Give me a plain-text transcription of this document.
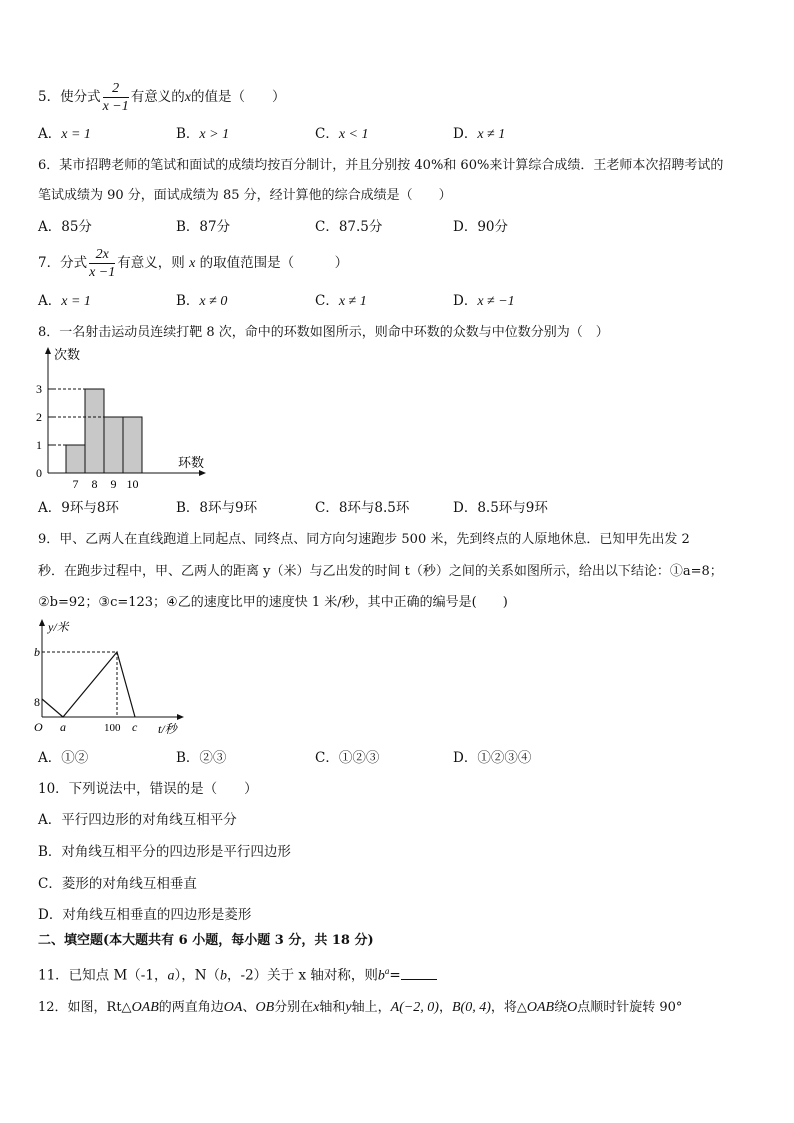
5．使分式 $\frac{2}{x -1}$ 有意义的x的值是（　　）
A．x = 1	B．x > 1	C．x < 1	D．x ≠ 1
6．某市招聘老师的笔试和面试的成绩均按百分制计，并且分别按 40%和 60%来计算综合成绩．王老师本次招聘考试的
笔试成绩为 90 分，面试成绩为 85 分，经计算他的综合成绩是（　　）
A．85分	B．87分	C．87.5分	D．90分
7．分式 $\frac{2x}{x -1}$ 有意义，则 x 的取值范围是（　　　）
A．x = 1	B．x ≠ 0	C．x ≠ 1	D．x ≠ −1
8．一名射击运动员连续打靶 8 次，命中的环数如图所示，则命中环数的众数与中位数分别为（　）
次数
环数
0
1
2
3
7 8 9 10
A．9环与8环	B．8环与9环	C．8环与8.5环	D．8.5环与9环
9．甲、乙两人在直线跑道上同起点、同终点、同方向匀速跑步 500 米，先到终点的人原地休息．已知甲先出发 2
秒．在跑步过程中，甲、乙两人的距离 y（米）与乙出发的时间 t（秒）之间的关系如图所示，给出以下结论：①a=8；
②b=92；③c=123；④乙的速度比甲的速度快 1 米/秒，其中正确的编号是(　　)
y/米
t/秒
O
b
8
a	100 c
A．①②	B．②③	C．①②③	D．①②③④
10．下列说法中，错误的是（　　）
A．平行四边形的对角线互相平分
B．对角线互相平分的四边形是平行四边形
C．菱形的对角线互相垂直
D．对角线互相垂直的四边形是菱形
二、填空题(本大题共有 6 小题，每小题 3 分，共 18 分)
11．已知点 M（-1，a），N（b，-2）关于 x 轴对称，则$b^a=$
12．如图，Rt△OAB的两直角边OA、OB分别在x轴和y轴上，A(−2, 0)，B(0, 4)，将△OAB绕O点顺时针旋转 90°
